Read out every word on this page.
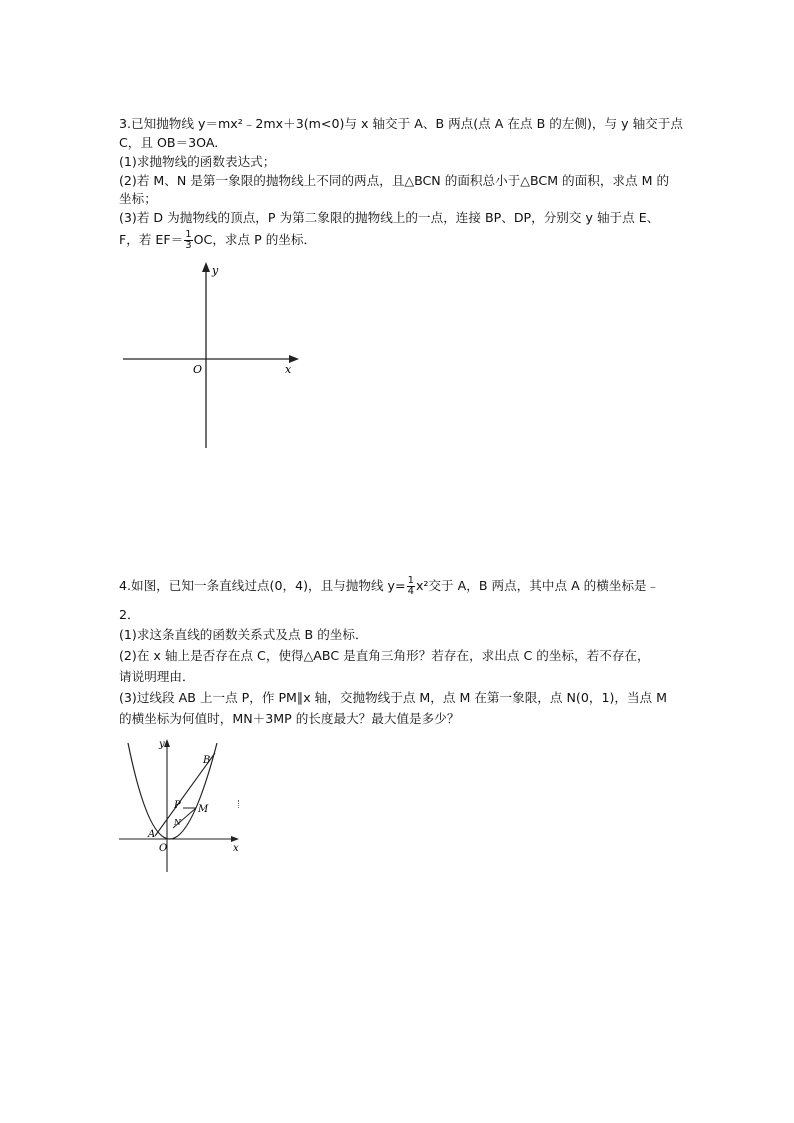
3.已知抛物线 y＝mx²﹣2mx＋3(m<0)与 x 轴交于 A、B 两点(点 A 在点 B 的左侧)，与 y 轴交于点
C，且 OB＝3OA.
(1)求抛物线的函数表达式；
(2)若 M、N 是第一象限的抛物线上不同的两点，且△BCN 的面积总小于△BCM 的面积，求点 M 的
坐标；
(3)若 D 为抛物线的顶点，P 为第二象限的抛物线上的一点，连接 BP、DP，分别交 y 轴于点 E、
F，若 $EF= \frac{1}{3}$ OC，求点 P 的坐标．
y
x
O
4.如图，已知一条直线过点(0，4)，且与抛物线 $y= \frac{1}{4} x^2$交于 A，B 两点，其中点 A 的横坐标是﹣
2．
(1)求这条直线的函数关系式及点 B 的坐标．
(2)在 x 轴上是否存在点 C，使得△ABC 是直角三角形？若存在，求出点 C 的坐标，若不存在，
请说明理由．
(3)过线段 AB 上一点 P，作 PM∥x 轴，交抛物线于点 M，点 M 在第一象限，点 N(0，1)，当点 M
的横坐标为何值时，MN＋3MP 的长度最大？最大值是多少？
y
B
P M
N
A
O	x
